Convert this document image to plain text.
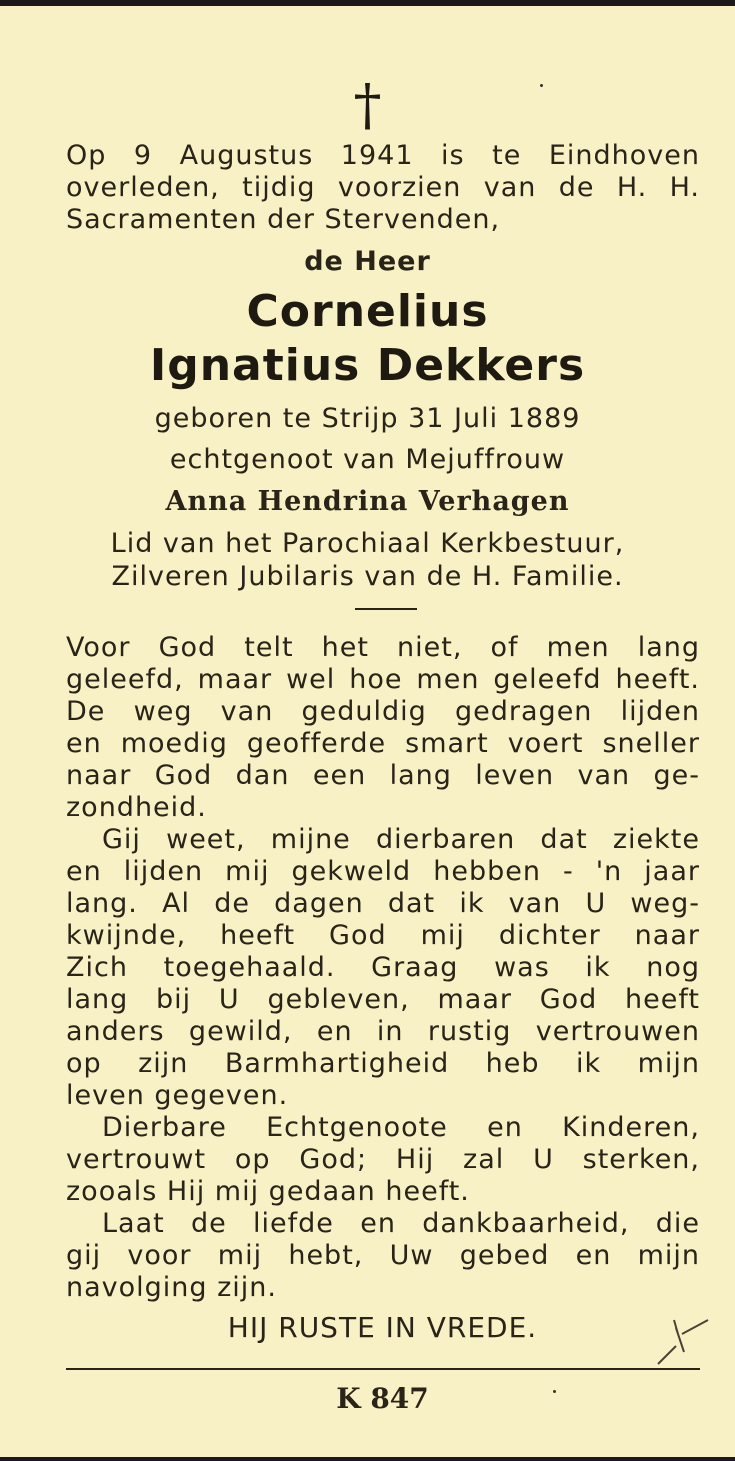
†
Op 9 Augustus 1941 is te Eindhoven
overleden, tijdig voorzien van de H. H.
Sacramenten der Stervenden,
de Heer
Cornelius
Ignatius Dekkers
geboren te Strijp 31 Juli 1889
echtgenoot van Mejuffrouw
Anna Hendrina Verhagen
Lid van het Parochiaal Kerkbestuur,
Zilveren Jubilaris van de H. Familie.
Voor God telt het niet, of men lang
geleefd, maar wel hoe men geleefd heeft.
De weg van geduldig gedragen lijden
en moedig geofferde smart voert sneller
naar God dan een lang leven van ge-
zondheid.
Gij weet, mijne dierbaren dat ziekte
en lijden mij gekweld hebben - 'n jaar
lang. Al de dagen dat ik van U weg-
kwijnde, heeft God mij dichter naar
Zich toegehaald. Graag was ik nog
lang bij U gebleven, maar God heeft
anders gewild, en in rustig vertrouwen
op zijn Barmhartigheid heb ik mijn
leven gegeven.
Dierbare Echtgenoote en Kinderen,
vertrouwt op God; Hij zal U sterken,
zooals Hij mij gedaan heeft.
Laat de liefde en dankbaarheid, die
gij voor mij hebt, Uw gebed en mijn
navolging zijn.
HIJ RUSTE IN VREDE.
K 847
